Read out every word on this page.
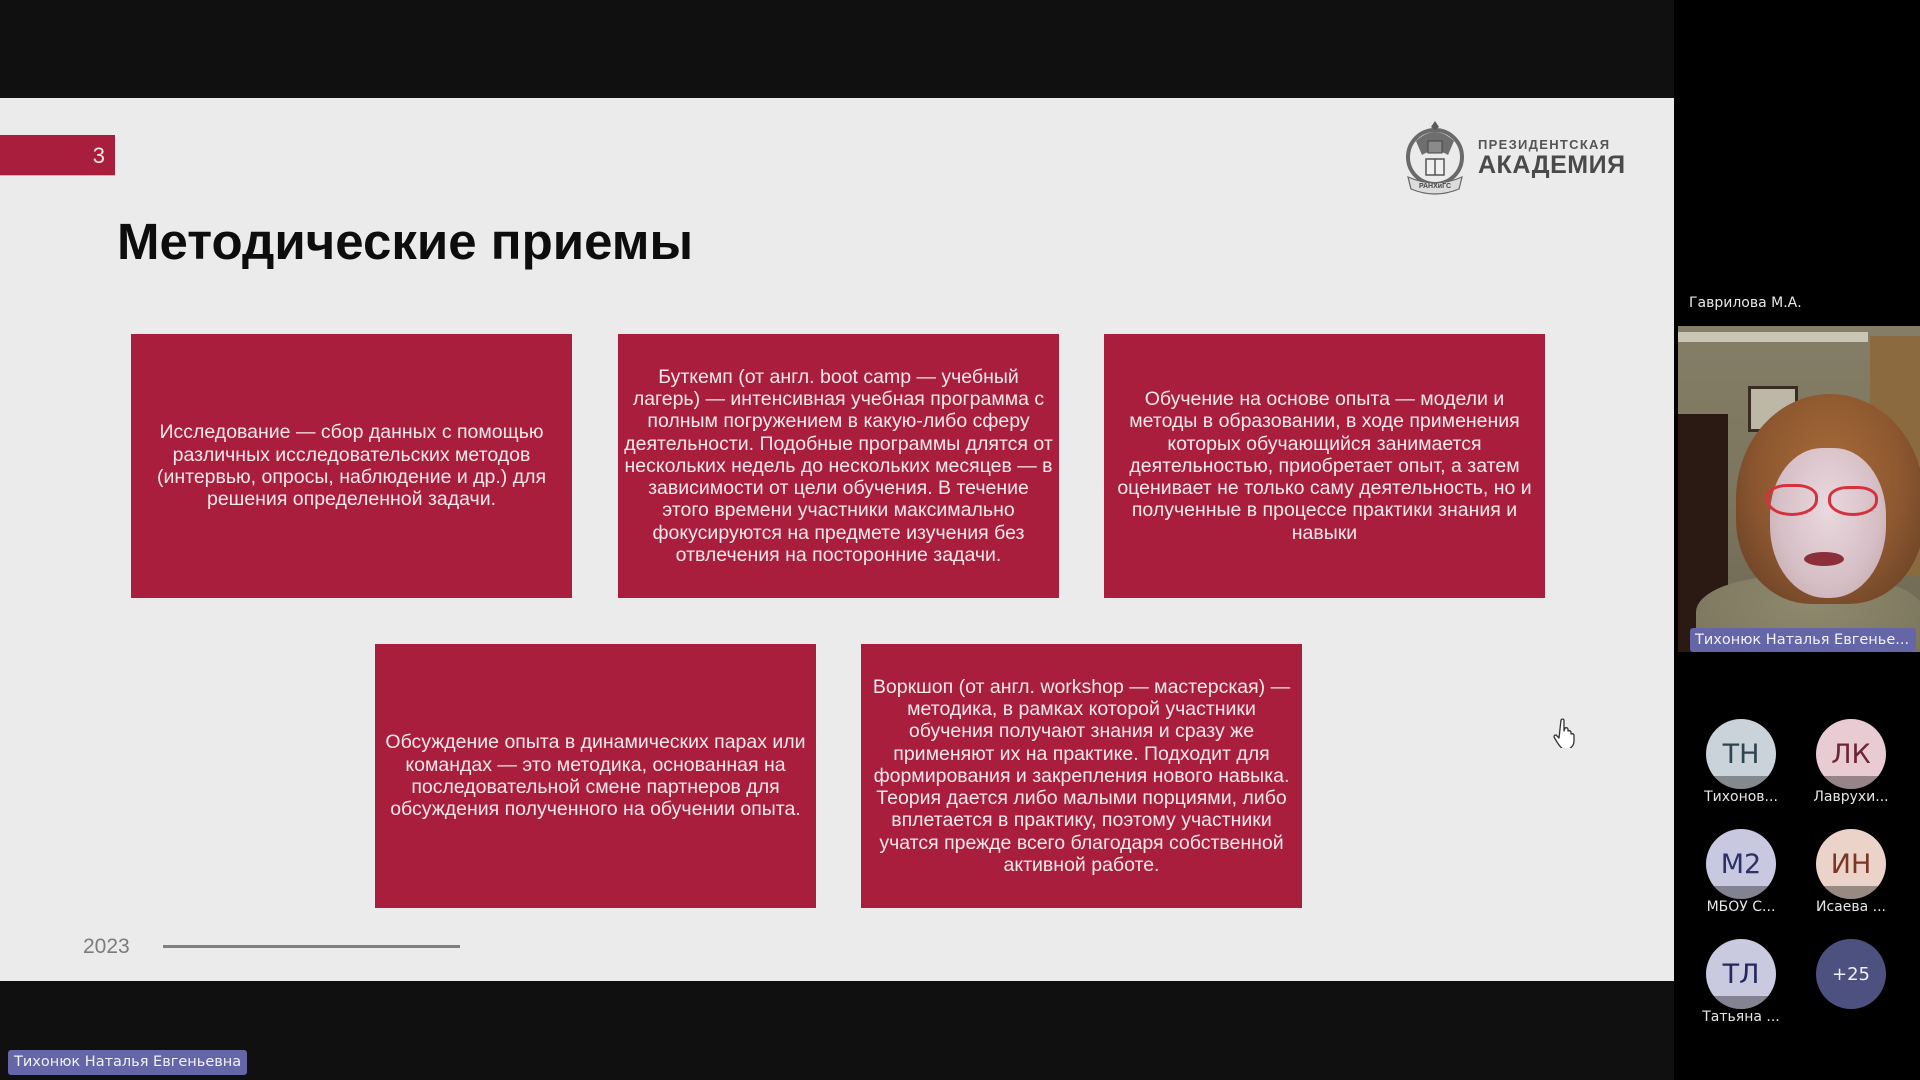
3
Методические приемы
РАНХиГС
ПРЕЗИДЕНТСКАЯ
АКАДЕМИЯ
Исследование — сбор данных с помощью различных исследовательских методов (интервью, опросы, наблюдение и др.) для решения определенной задачи.
Буткемп (от англ. boot camp — учебный лагерь) — интенсивная учебная программа с полным погружением в какую-либо сферу деятельности. Подобные программы длятся от нескольких недель до нескольких месяцев — в зависимости от цели обучения. В течение этого времени участники максимально фокусируются на предмете изучения без отвлечения на посторонние задачи.
Обучение на основе опыта — модели и методы в образовании, в ходе применения которых обучающийся занимается деятельностью, приобретает опыт, а затем оценивает не только саму деятельность, но и полученные в процессе практики знания и навыки
Обсуждение опыта в динамических парах или командах — это методика, основанная на последовательной смене партнеров для обсуждения полученного на обучении опыта.
Воркшоп (от англ. workshop — мастерская) — методика, в рамках которой участники обучения получают знания и сразу же применяют их на практике. Подходит для формирования и закрепления нового навыка. Теория дается либо малыми порциями, либо вплетается в практику, поэтому участники учатся прежде всего благодаря собственной активной работе.
2023
Тихонюк Наталья Евгеньевна
Гаврилова М.А.
Тихонюк Наталья Евгенье...
ТН
Тихонов...
ЛК
Лаврухи...
М2
МБОУ С...
ИН
Исаева ...
ТЛ
Татьяна ...
+25
